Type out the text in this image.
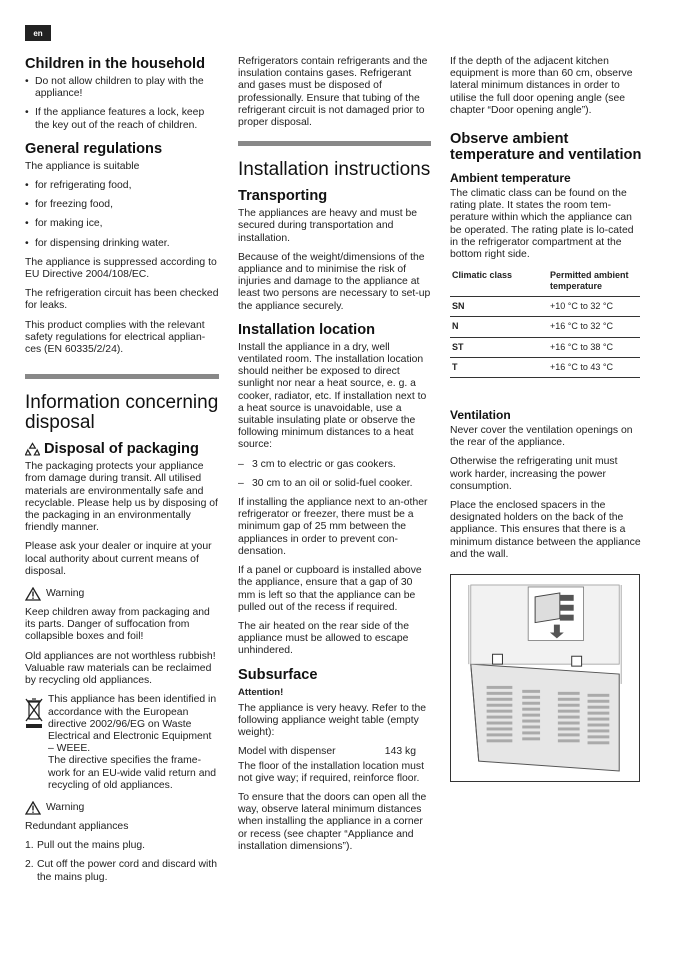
en
Children in the household
• Do not allow children to play with the appliance!
• If the appliance features a lock, keep the key out of the reach of children.
General regulations

The appliance is suitable

• for refrigerating food,
• for freezing food,
• for making ice,
• for dispensing drinking water.

The appliance is suppressed according to EU Directive 2004/108/EC.

The refrigeration circuit has been checked for leaks.

This product complies with the relevant safety regulations for electrical applian-ces (EN 60335/2/24).

Information concerning disposal
Disposal of packaging

The packaging protects your appliance from damage during transit. All utilised materials are environmentally safe and recyclable. Please help us by disposing of the packaging in an environmentally friendly manner.

Please ask your dealer or inquire at your local authority about current means of disposal.

Warning

Keep children away from packaging and its parts. Danger of suffocation from collapsible boxes and foil!

Old appliances are not worthless rubbish! Valuable raw materials can be reclaimed by recycling old appliances.

This appliance has been identified in accordance with the European directive 2002/96/EG on Waste Electrical and Electronic Equipment – WEEE.
The directive specifies the frame-work for an EU-wide valid return and recycling of old appliances.
Warning

Redundant appliances

1. Pull out the mains plug.
2. Cut off the power cord and discard with the mains plug.

Refrigerators contain refrigerants and the insulation contains gases. Refrigerant and gases must be disposed of professionally. Ensure that tubing of the refrigerant circuit is not damaged prior to proper disposal.

Installation instructions
Transporting

The appliances are heavy and must be secured during transportation and installation.

Because of the weight/dimensions of the appliance and to minimise the risk of injuries and damage to the appliance at least two persons are necessary to set-up the appliance securely.

Installation location

Install the appliance in a dry, well ventilated room. The installation location should neither be exposed to direct sunlight nor near a heat source, e. g. a cooker, radiator, etc. If installation next to a heat source is unavoidable, use a suitable insulating plate or observe the following minimum distances to a heat source:

– 3 cm to electric or gas cookers.
– 30 cm to an oil or solid-fuel cooker.

If installing the appliance next to an-other refrigerator or freezer, there must be a minimum gap of 25 mm between the appliances in order to prevent con-densation.

If a panel or cupboard is installed above the appliance, ensure that a gap of 30 mm is left so that the appliance can be pulled out of the recess if required.

The air heated on the rear side of the appliance must be allowed to escape unhindered.

Subsurface

Attention!

The appliance is very heavy. Refer to the following appliance weight table (empty weight):

Model with dispenser	143 kg

The floor of the installation location must not give way; if required, reinforce floor.

To ensure that the doors can open all the way, observe lateral minimum distances when installing the appliance in a corner or recess (see chapter “Appliance and installation dimensions”).

If the depth of the adjacent kitchen equipment is more than 60 cm, observe lateral minimum distances in order to utilise the full door opening angle (see chapter “Door opening angle”).

Observe ambient temperature and ventilation
Ambient temperature

The climatic class can be found on the rating plate. It states the room tem-perature within which the appliance can be operated. The rating plate is lo-cated in the refrigerator compartment at the bottom right side.

Climatic class	Permitted ambient temperature
SN	+10 °C to 32 °C
N	+16 °C to 32 °C
ST	+16 °C to 38 °C
T	+16 °C to 43 °C
Ventilation

Never cover the ventilation openings on the rear of the appliance.

Otherwise the refrigerating unit must work harder, increasing the power consumption.

Place the enclosed spacers in the designated holders on the back of the appliance. This ensures that there is a minimum distance between the appliance and the wall.
